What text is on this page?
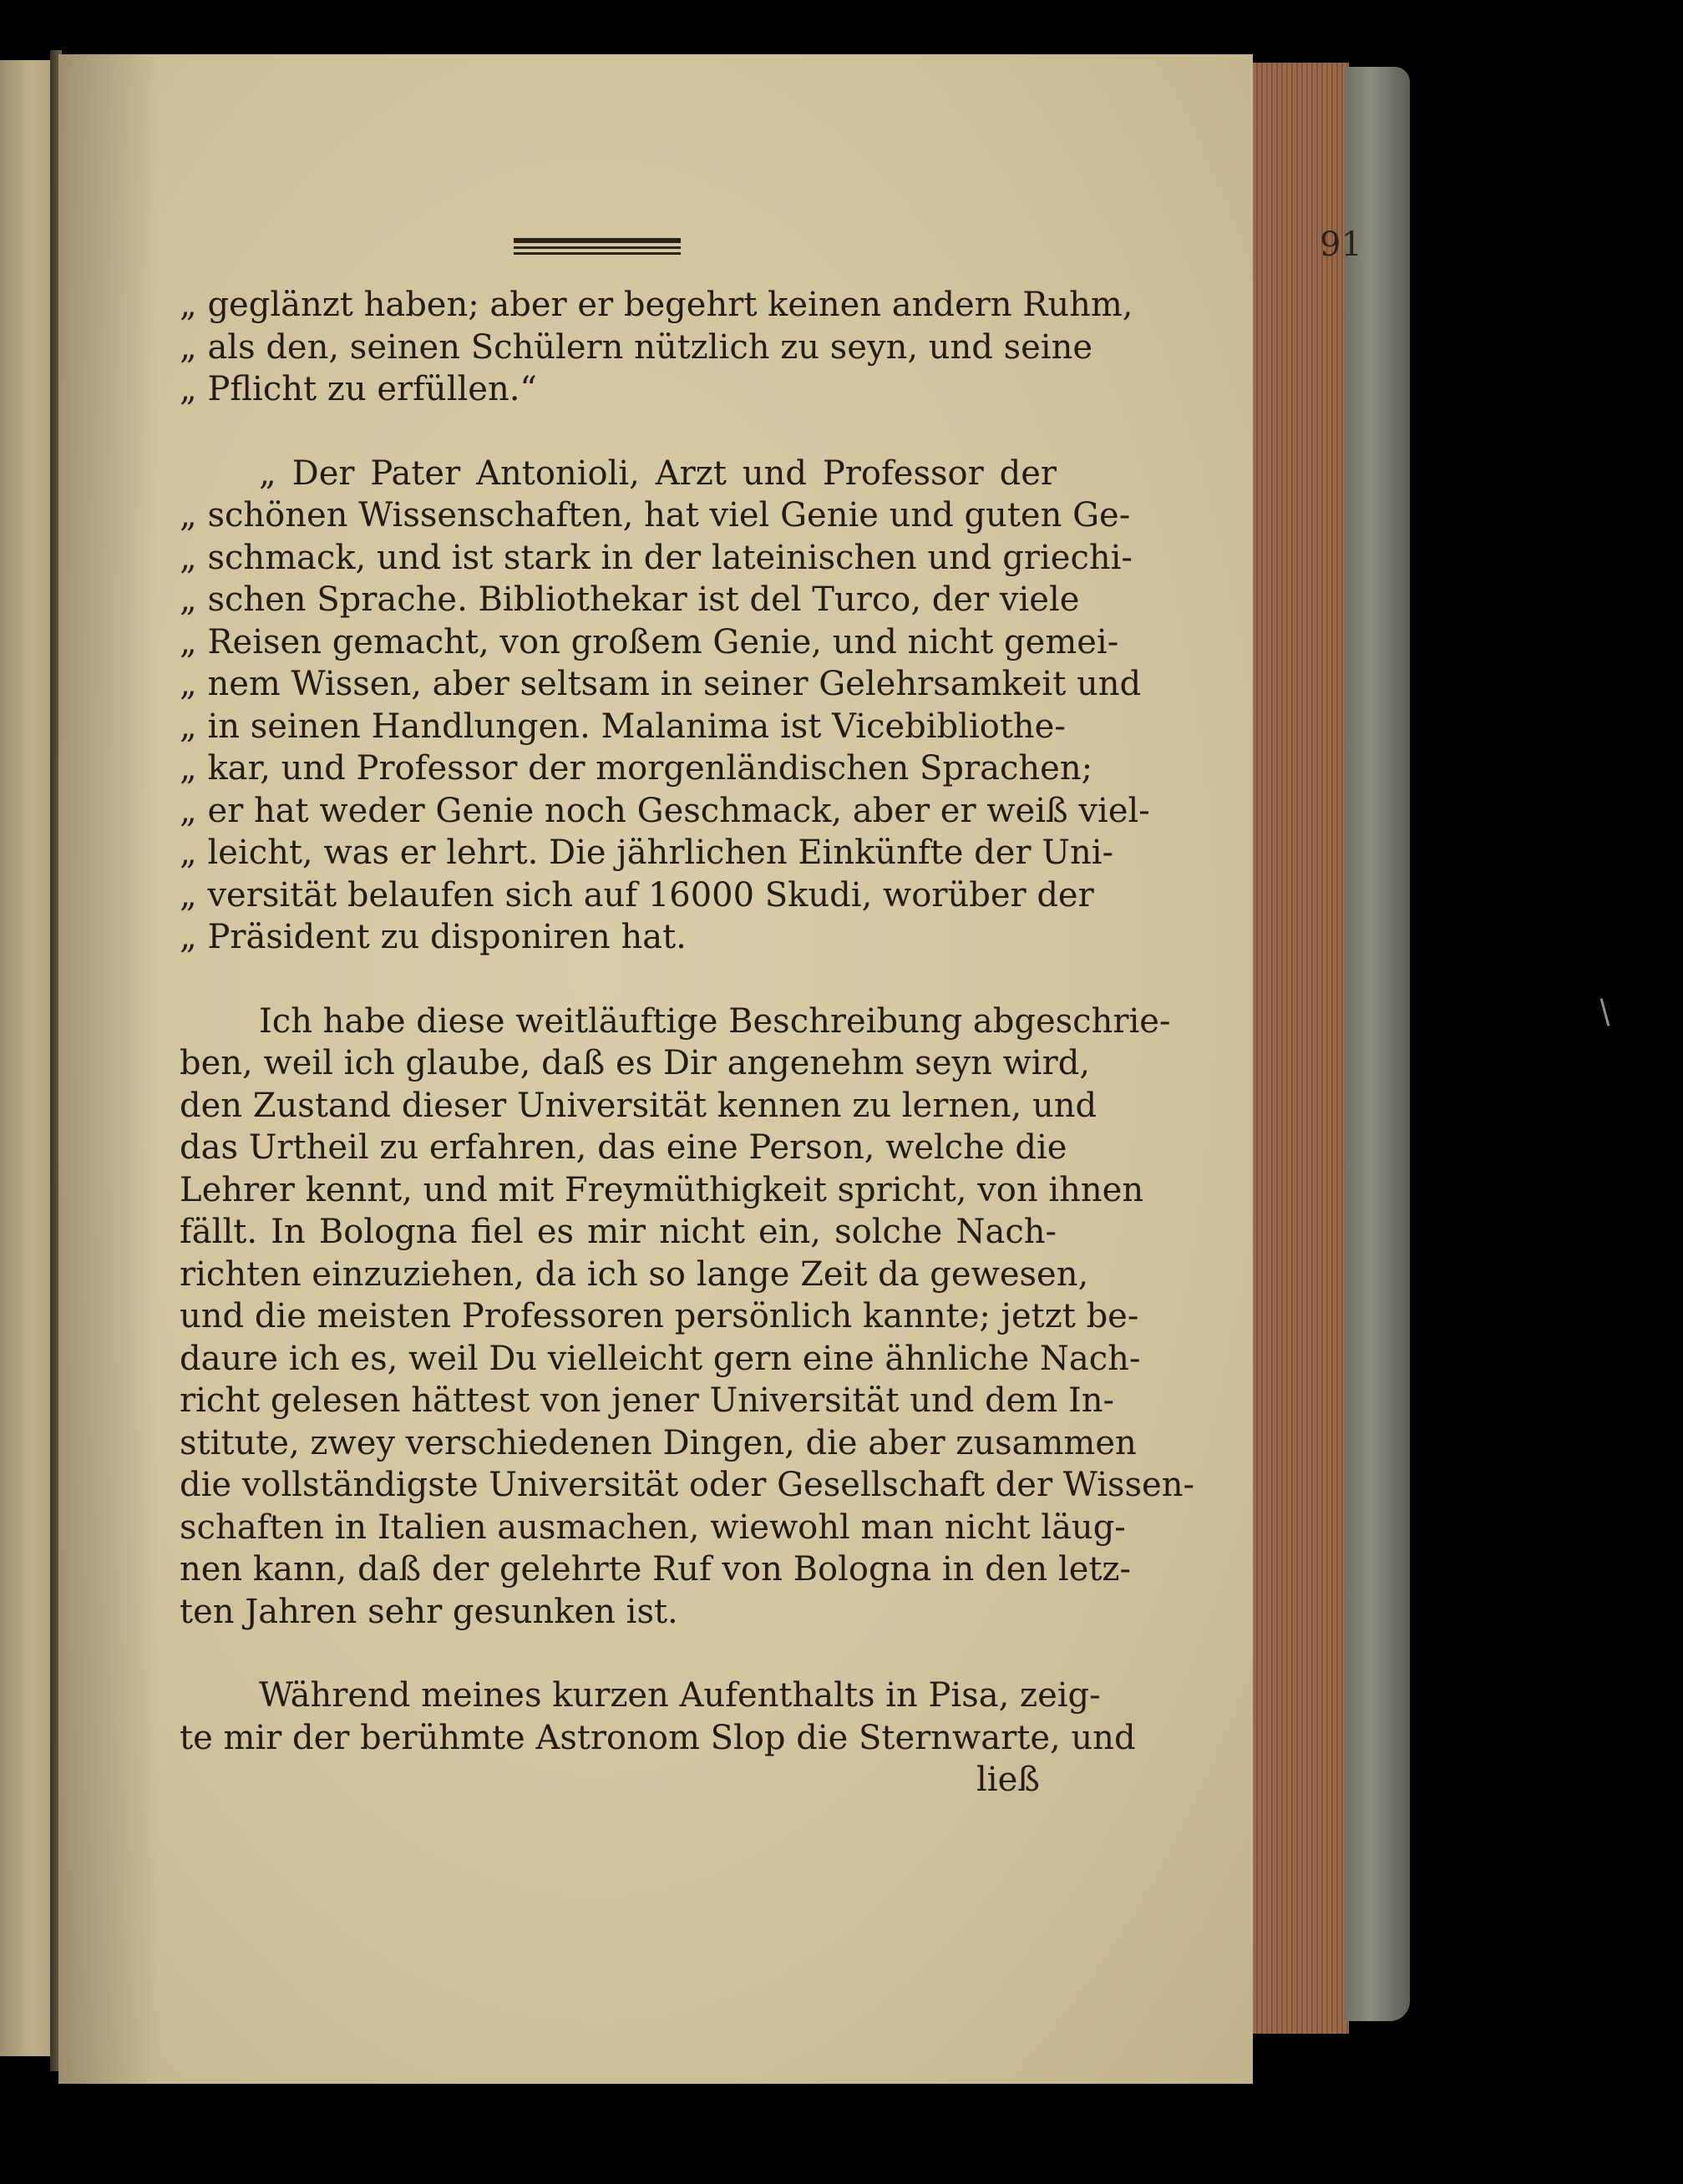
91
„ geglänzt haben; aber er begehrt keinen andern Ruhm,
„ als den, seinen Schülern nützlich zu seyn, und seine
„ Pflicht zu erfüllen.“
„ Der Pater Antonioli, Arzt und Professor der
„ schönen Wissenschaften, hat viel Genie und guten Ge-
„ schmack, und ist stark in der lateinischen und griechi-
„ schen Sprache. Bibliothekar ist del Turco, der viele
„ Reisen gemacht, von großem Genie, und nicht gemei-
„ nem Wissen, aber seltsam in seiner Gelehrsamkeit und
„ in seinen Handlungen. Malanima ist Vicebibliothe-
„ kar, und Professor der morgenländischen Sprachen;
„ er hat weder Genie noch Geschmack, aber er weiß viel-
„ leicht, was er lehrt. Die jährlichen Einkünfte der Uni-
„ versität belaufen sich auf 16000 Skudi, worüber der
„ Präsident zu disponiren hat.
Ich habe diese weitläuftige Beschreibung abgeschrie-
ben, weil ich glaube, daß es Dir angenehm seyn wird,
den Zustand dieser Universität kennen zu lernen, und
das Urtheil zu erfahren, das eine Person, welche die
Lehrer kennt, und mit Freymüthigkeit spricht, von ihnen
fällt. In Bologna fiel es mir nicht ein, solche Nach-
richten einzuziehen, da ich so lange Zeit da gewesen,
und die meisten Professoren persönlich kannte; jetzt be-
daure ich es, weil Du vielleicht gern eine ähnliche Nach-
richt gelesen hättest von jener Universität und dem In-
stitute, zwey verschiedenen Dingen, die aber zusammen
die vollständigste Universität oder Gesellschaft der Wissen-
schaften in Italien ausmachen, wiewohl man nicht läug-
nen kann, daß der gelehrte Ruf von Bologna in den letz-
ten Jahren sehr gesunken ist.
Während meines kurzen Aufenthalts in Pisa, zeig-
te mir der berühmte Astronom Slop die Sternwarte, und
ließ
